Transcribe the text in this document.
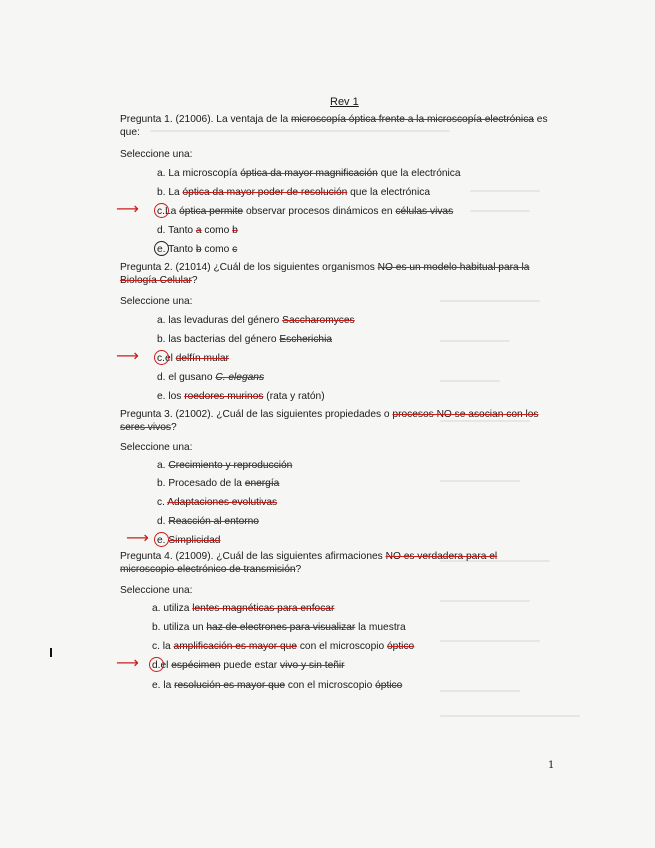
Rev 1
Pregunta 1. (21006). La ventaja de la microscopía óptica frente a la microscopía electrónica es
que:
Seleccione una:
a. La microscopía óptica da mayor magnificación que la electrónica
b. La óptica da mayor poder de resolución que la electrónica
⟶ c.La óptica permite observar procesos dinámicos en células vivas
d. Tanto a como b
e. Tanto b como c
Pregunta 2. (21014) ¿Cuál de los siguientes organismos NO es un modelo habitual para la
Biología Celular?
Seleccione una:
a. las levaduras del género Saccharomyces
b. las bacterias del género Escherichia
⟶ c.el delfín mular
d. el gusano C. elegans
e. los roedores murinos (rata y ratón)
Pregunta 3. (21002). ¿Cuál de las siguientes propiedades o procesos NO se asocian con los
seres vivos?
Seleccione una:
a. Crecimiento y reproducción
b. Procesado de la energía
c. Adaptaciones evolutivas
d. Reacción al entorno
⟶ e. Simplicidad
Pregunta 4. (21009). ¿Cuál de las siguientes afirmaciones NO es verdadera para el
microscopio electrónico de transmisión?
Seleccione una:
a. utiliza lentes magnéticas para enfocar
b. utiliza un haz de electrones para visualizar la muestra
c. la amplificación es mayor que con el microscopio óptico
⟶ d.el espécimen puede estar vivo y sin teñir
e. la resolución es mayor que con el microscopio óptico
1
